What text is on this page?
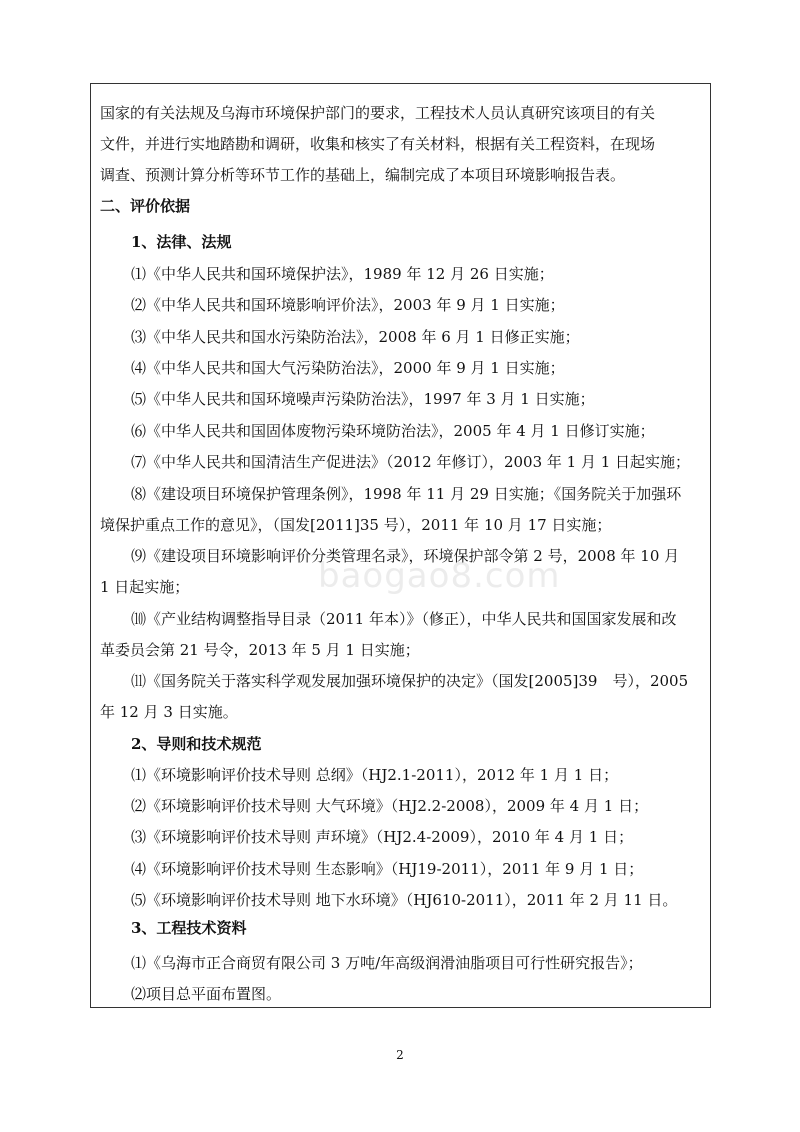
国家的有关法规及乌海市环境保护部门的要求，工程技术人员认真研究该项目的有关
文件，并进行实地踏勘和调研，收集和核实了有关材料，根据有关工程资料，在现场
调查、预测计算分析等环节工作的基础上，编制完成了本项目环境影响报告表。
二、评价依据
1、法律、法规
⑴《中华人民共和国环境保护法》，1989 年 12 月 26 日实施；
⑵《中华人民共和国环境影响评价法》，2003 年 9 月 1 日实施；
⑶《中华人民共和国水污染防治法》，2008 年 6 月 1 日修正实施；
⑷《中华人民共和国大气污染防治法》，2000 年 9 月 1 日实施；
⑸《中华人民共和国环境噪声污染防治法》，1997 年 3 月 1 日实施；
⑹《中华人民共和国固体废物污染环境防治法》，2005 年 4 月 1 日修订实施；
⑺《中华人民共和国清洁生产促进法》（2012 年修订），2003 年 1 月 1 日起实施；
⑻《建设项目环境保护管理条例》，1998 年 11 月 29 日实施；《国务院关于加强环
境保护重点工作的意见》，（国发[2011]35 号），2011 年 10 月 17 日实施；
⑼《建设项目环境影响评价分类管理名录》，环境保护部令第 2 号，2008 年 10 月
1 日起实施；
⑽《产业结构调整指导目录（2011 年本）》（修正），中华人民共和国国家发展和改
革委员会第 21 号令，2013 年 5 月 1 日实施；
⑾《国务院关于落实科学观发展加强环境保护的决定》（国发[2005]39　号），2005
年 12 月 3 日实施。
2、导则和技术规范
⑴《环境影响评价技术导则 总纲》（HJ2.1-2011），2012 年 1 月 1 日；
⑵《环境影响评价技术导则 大气环境》（HJ2.2-2008），2009 年 4 月 1 日；
⑶《环境影响评价技术导则 声环境》（HJ2.4-2009），2010 年 4 月 1 日；
⑷《环境影响评价技术导则 生态影响》（HJ19-2011），2011 年 9 月 1 日；
⑸《环境影响评价技术导则 地下水环境》（HJ610-2011），2011 年 2 月 11 日。
3、工程技术资料
⑴《乌海市正合商贸有限公司 3 万吨/年高级润滑油脂项目可行性研究报告》；
⑵项目总平面布置图。
baogao8.com
2
